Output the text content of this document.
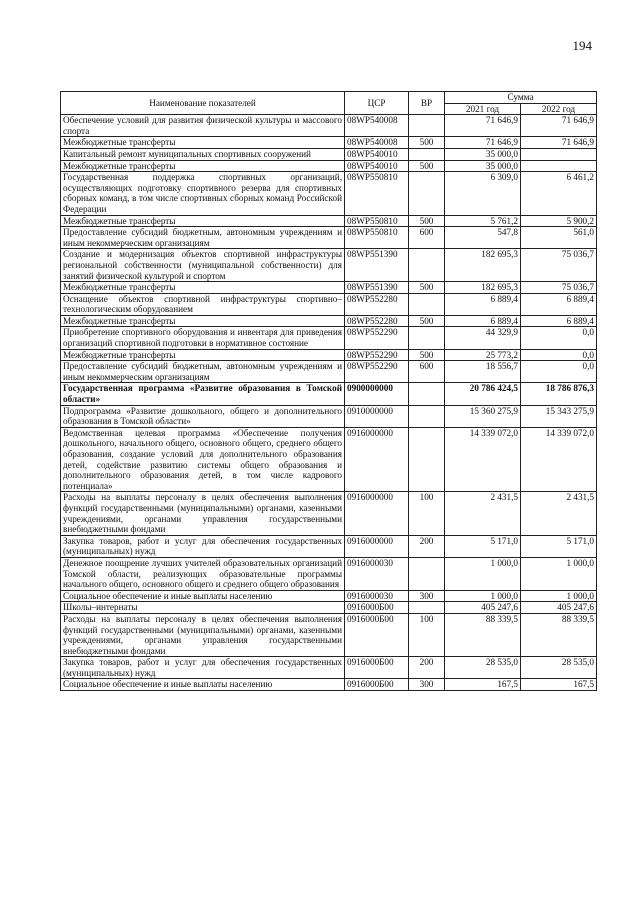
194
Наименование показателей	ЦСР	ВР	Сумма	
			2021 год	2022 год
Обеспечение условий для развития физической культуры и массового спорта	08WP540008		71 646,9	71 646,9
Межбюджетные трансферты	08WP540008	500	71 646,9	71 646,9
Капитальный ремонт муниципальных спортивных сооружений	08WP540010		35 000,0	
Межбюджетные трансферты	08WP540010	500	35 000,0	
Государственная поддержка спортивных организаций, осуществляющих подготовку спортивного резерва для спортивных сборных команд, в том числе спортивных сборных команд Российской Федерации	08WP550810		6 309,0	6 461,2
Межбюджетные трансферты	08WP550810	500	5 761,2	5 900,2
Предоставление субсидий бюджетным, автономным учреждениям и иным некоммерческим организациям	08WP550810	600	547,8	561,0
Создание и модернизация объектов спортивной инфраструктуры региональной собственности (муниципальной собственности) для занятий физической культурой и спортом	08WP551390		182 695,3	75 036,7
Межбюджетные трансферты	08WP551390	500	182 695,3	75 036,7
Оснащение объектов спортивной инфраструктуры спортивно–технологическим оборудованием	08WP552280		6 889,4	6 889,4
Межбюджетные трансферты	08WP552280	500	6 889,4	6 889,4
Приобретение спортивного оборудования и инвентаря для приведения организаций спортивной подготовки в нормативное состояние	08WP552290		44 329,9	0,0
Межбюджетные трансферты	08WP552290	500	25 773,2	0,0
Предоставление субсидий бюджетным, автономным учреждениям и иным некоммерческим организациям	08WP552290	600	18 556,7	0,0
Государственная программа «Развитие образования в Томской области»	0900000000		20 786 424,5	18 786 876,3
Подпрограмма «Развитие дошкольного, общего и дополнительного образования в Томской области»	0910000000		15 360 275,9	15 343 275,9
Ведомственная целевая программа «Обеспечение получения дошкольного, начального общего, основного общего, среднего общего образования, создание условий для дополнительного образования детей, содействие развитию системы общего образования и дополнительного образования детей, в том числе кадрового потенциала»	0916000000		14 339 072,0	14 339 072,0
Расходы на выплаты персоналу в целях обеспечения выполнения функций государственными (муниципальными) органами, казенными учреждениями, органами управления государственными внебюджетными фондами	0916000000	100	2 431,5	2 431,5
Закупка товаров, работ и услуг для обеспечения государственных (муниципальных) нужд	0916000000	200	5 171,0	5 171,0
Денежное поощрение лучших учителей образовательных организаций Томской области, реализующих образовательные программы начального общего, основного общего и среднего общего образования	0916000030		1 000,0	1 000,0
Социальное обеспечение и иные выплаты населению	0916000030	300	1 000,0	1 000,0
Школы–интернаты	0916000Б00		405 247,6	405 247,6
Расходы на выплаты персоналу в целях обеспечения выполнения функций государственными (муниципальными) органами, казенными учреждениями, органами управления государственными внебюджетными фондами	0916000Б00	100	88 339,5	88 339,5
Закупка товаров, работ и услуг для обеспечения государственных (муниципальных) нужд	0916000Б00	200	28 535,0	28 535,0
Социальное обеспечение и иные выплаты населению	0916000Б00	300	167,5	167,5
